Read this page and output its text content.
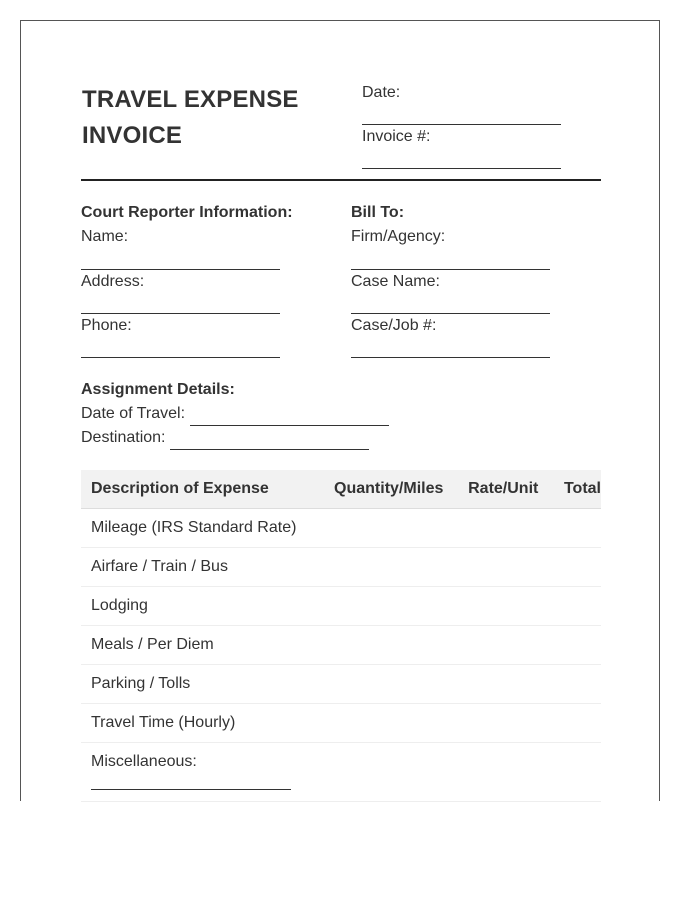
TRAVEL EXPENSE
INVOICE
Date:
Invoice #:
Court Reporter Information:
Name:
Address:
Phone:
Bill To:
Firm/Agency:
Case Name:
Case/Job #:
Assignment Details:
Date of Travel:
Destination:
Description of Expense	Quantity/Miles	Rate/Unit	Total
Mileage (IRS Standard Rate)			
Airfare / Train / Bus			
Lodging			
Meals / Per Diem			
Parking / Tolls			
Travel Time (Hourly)			

Miscellaneous:			
